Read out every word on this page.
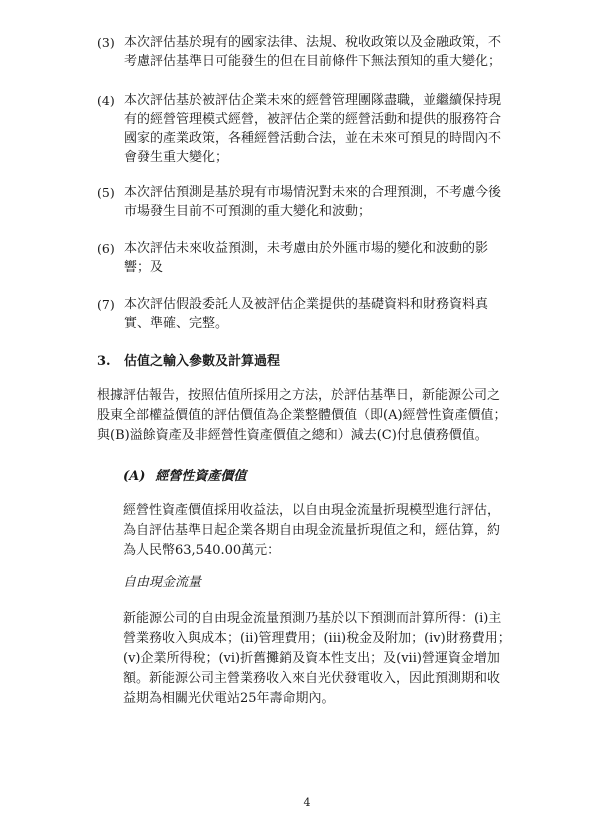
(3) 本次評估基於現有的國家法律、法規、稅收政策以及金融政策，不
考慮評估基準日可能發生的但在目前條件下無法預知的重大變化；
(4) 本次評估基於被評估企業未來的經營管理團隊盡職，並繼續保持現
有的經營管理模式經營，被評估企業的經營活動和提供的服務符合
國家的產業政策，各種經營活動合法，並在未來可預見的時間內不
會發生重大變化；
(5) 本次評估預測是基於現有市場情況對未來的合理預測，不考慮今後
市場發生目前不可預測的重大變化和波動；
(6) 本次評估未來收益預測，未考慮由於外匯市場的變化和波動的影
響；及
(7) 本次評估假設委託人及被評估企業提供的基礎資料和財務資料真
實、準確、完整。
3.	估值之輸入參數及計算過程
根據評估報告，按照估值所採用之方法，於評估基準日，新能源公司之
股東全部權益價值的評估價值為企業整體價值（即(A)經營性資產價值；
與(B)溢餘資產及非經營性資產價值之總和）減去(C)付息債務價值。
(A) 經營性資產價值
經營性資產價值採用收益法，以自由現金流量折現模型進行評估，
為自評估基準日起企業各期自由現金流量折現值之和，經估算，約
為人民幣63,540.00萬元：
自由現金流量
新能源公司的自由現金流量預測乃基於以下預測而計算所得：(i)主
營業務收入與成本；(ii)管理費用；(iii)稅金及附加；(iv)財務費用；
(v)企業所得稅；(vi)折舊攤銷及資本性支出；及(vii)營運資金增加
額。新能源公司主營業務收入來自光伏發電收入，因此預測期和收
益期為相關光伏電站25年壽命期內。
4
